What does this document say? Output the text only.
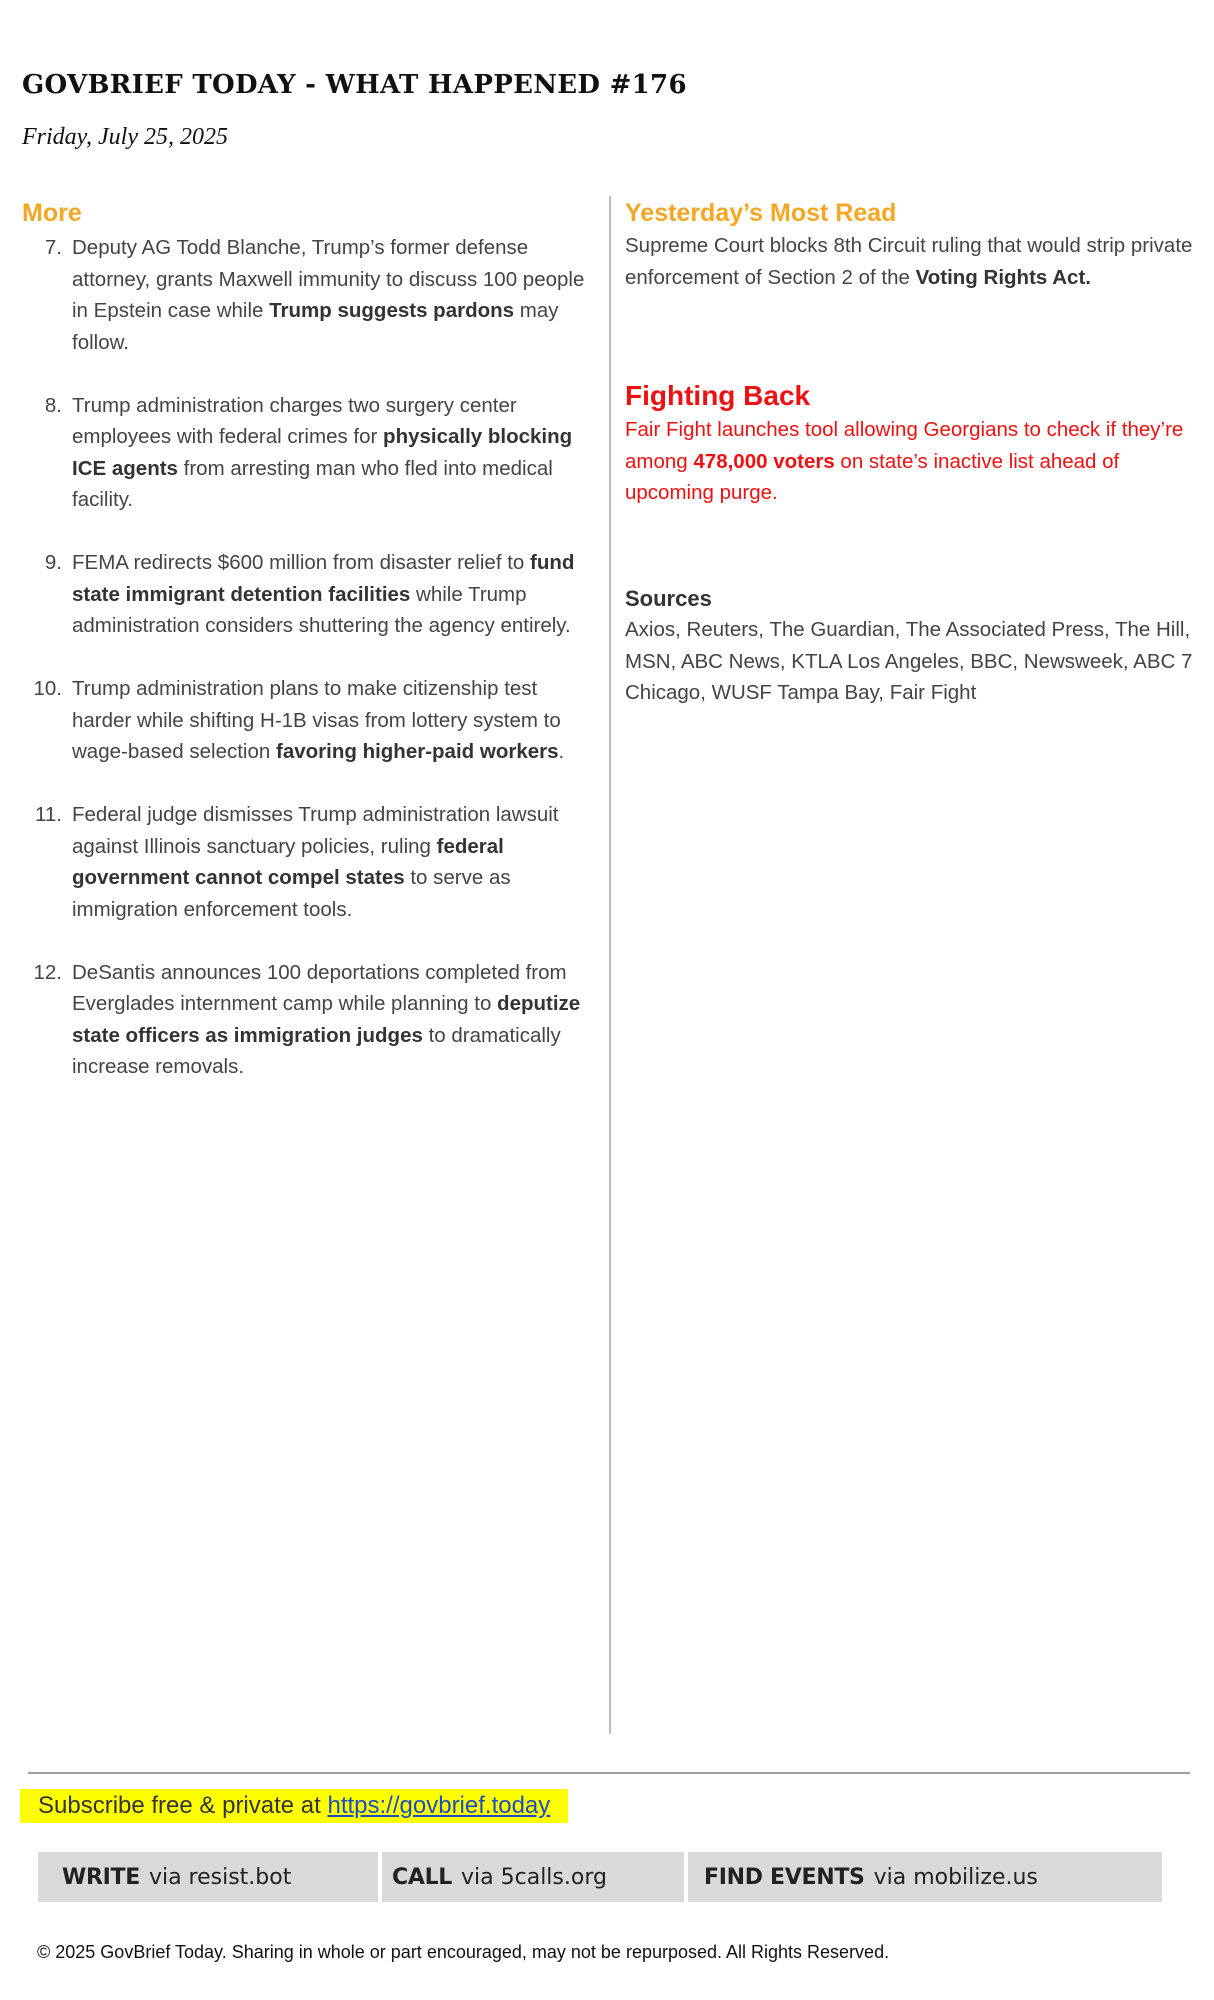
GOVBRIEF TODAY - WHAT HAPPENED #176
Friday, July 25, 2025
More
7. Deputy AG Todd Blanche, Trump’s former defense attorney, grants Maxwell immunity to discuss 100 people in Epstein case while Trump suggests pardons may follow.
8. Trump administration charges two surgery center employees with federal crimes for physically blocking ICE agents from arresting man who fled into medical facility.
9. FEMA redirects $600 million from disaster relief to fund state immigrant detention facilities while Trump administration considers shuttering the agency entirely.
10. Trump administration plans to make citizenship test harder while shifting H-1B visas from lottery system to wage-based selection favoring higher-paid workers.
11. Federal judge dismisses Trump administration lawsuit against Illinois sanctuary policies, ruling federal government cannot compel states to serve as immigration enforcement tools.
12. DeSantis announces 100 deportations completed from Everglades internment camp while planning to deputize state officers as immigration judges to dramatically increase removals.
Yesterday’s Most Read

Supreme Court blocks 8th Circuit ruling that would strip private enforcement of Section 2 of the Voting Rights Act.

Fighting Back

Fair Fight launches tool allowing Georgians to check if they’re among 478,000 voters on state’s inactive list ahead of upcoming purge.

Sources

Axios, Reuters, The Guardian, The Associated Press, The Hill, MSN, ABC News, KTLA Los Angeles, BBC, Newsweek, ABC 7 Chicago, WUSF Tampa Bay, Fair Fight

Subscribe free & private at https://govbrief.today
WRITE via resist.bot	CALL via 5calls.org	FIND EVENTS via mobilize.us
© 2025 GovBrief Today. Sharing in whole or part encouraged, may not be repurposed. All Rights Reserved.
